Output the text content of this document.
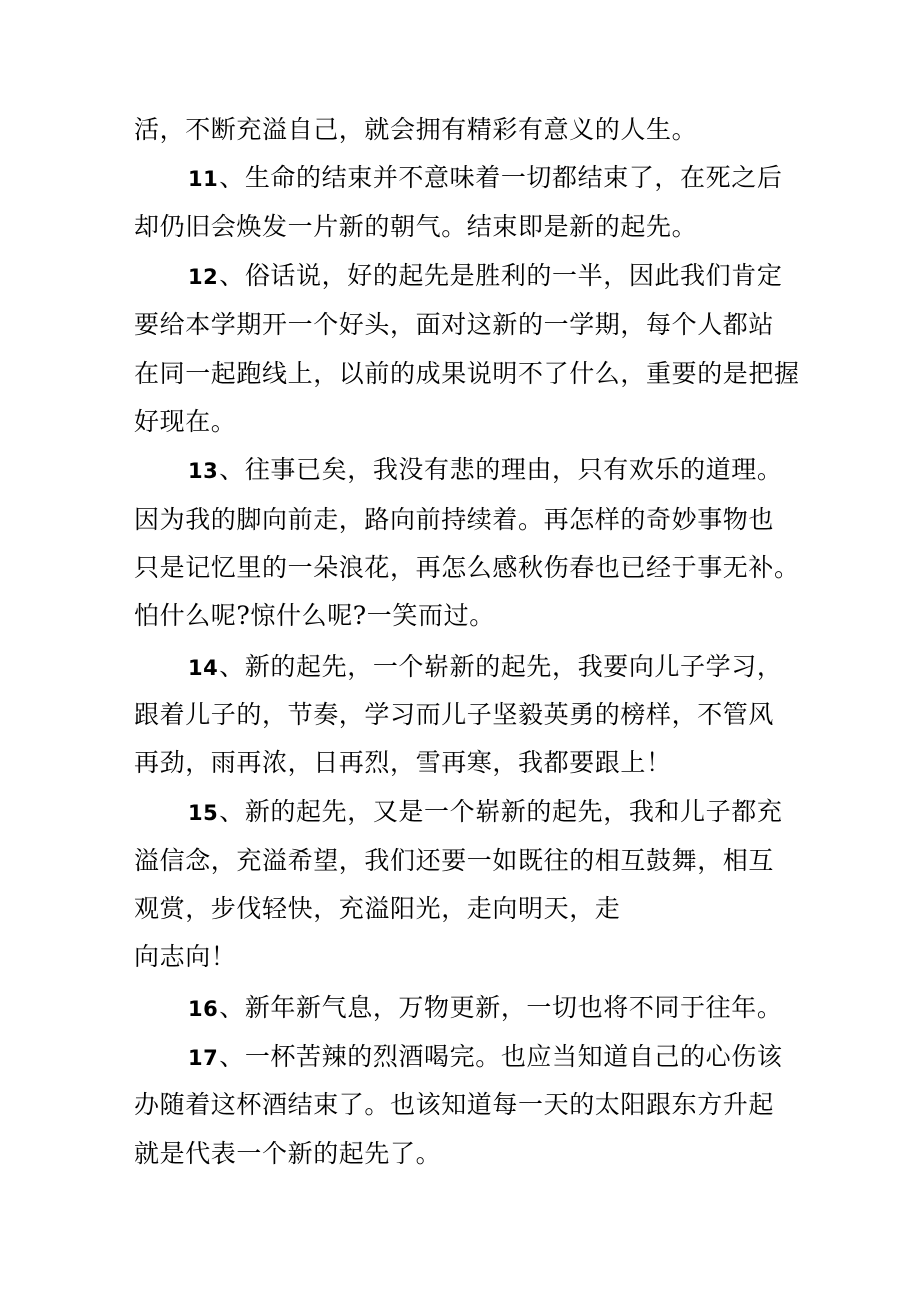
活，不断充溢自己，就会拥有精彩有意义的人生。
11、生命的结束并不意味着一切都结束了，在死之后
却仍旧会焕发一片新的朝气。结束即是新的起先。
12、俗话说，好的起先是胜利的一半，因此我们肯定
要给本学期开一个好头，面对这新的一学期，每个人都站
在同一起跑线上，以前的成果说明不了什么，重要的是把握
好现在。
13、往事已矣，我没有悲的理由，只有欢乐的道理。
因为我的脚向前走，路向前持续着。再怎样的奇妙事物也
只是记忆里的一朵浪花，再怎么感秋伤春也已经于事无补。
怕什么呢?惊什么呢?一笑而过。
14、新的起先，一个崭新的起先，我要向儿子学习，
跟着儿子的，节奏，学习而儿子坚毅英勇的榜样，不管风
再劲，雨再浓，日再烈，雪再寒，我都要跟上！
15、新的起先，又是一个崭新的起先，我和儿子都充
溢信念，充溢希望，我们还要一如既往的相互鼓舞，相互
观赏，步伐轻快，充溢阳光，走向明天，走
向志向！
16、新年新气息，万物更新，一切也将不同于往年。
17、一杯苦辣的烈酒喝完。也应当知道自己的心伤该
办随着这杯酒结束了。也该知道每一天的太阳跟东方升起
就是代表一个新的起先了。
